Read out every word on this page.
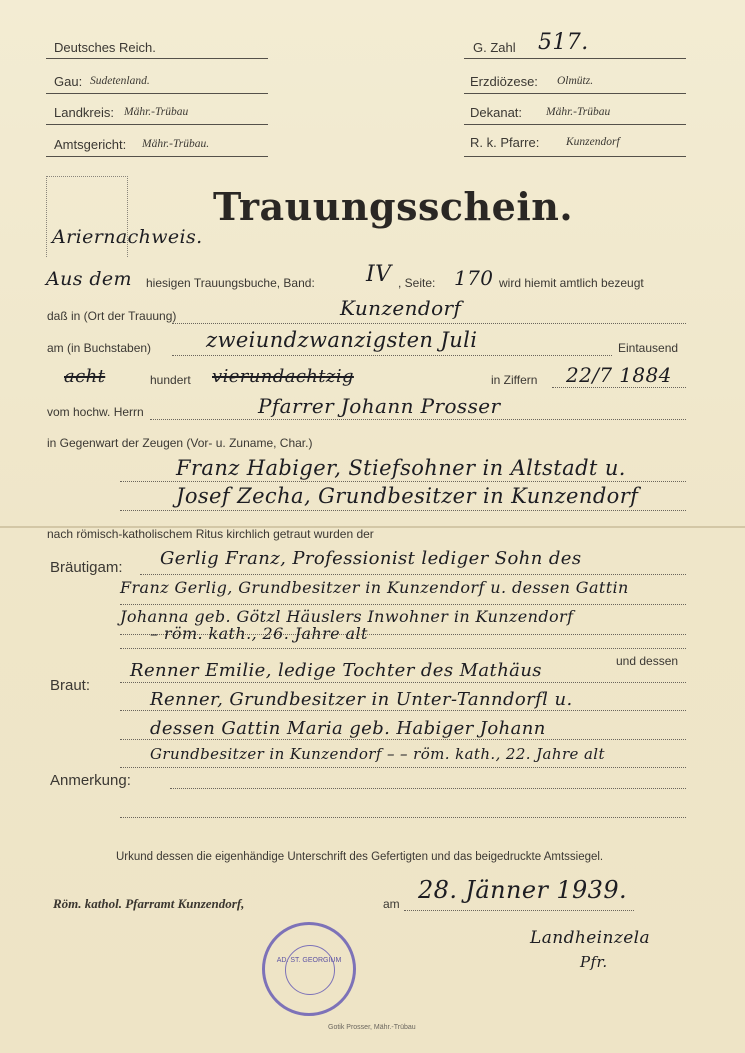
Deutsches Reich.
Gau: Sudetenland.
Landkreis: Mähr.-Trübau
Amtsgericht: Mähr.-Trübau.
G. Zahl 517.
Erzdiözese: Olmütz.
Dekanat: Mähr.-Trübau
R. k. Pfarre: Kunzendorf
Trauungsschein.
Ariernachweis.
Aus dem hiesigen Trauungsbuche, Band: IV , Seite: 170 wird hiemit amtlich bezeugt
daß in (Ort der Trauung)	Kunzendorf
am (in Buchstaben)	zweiundzwanzigsten Juli	Eintausend
acht	hundert vierundachtzig	in Ziffern 22/7 1884
vom hochw. Herrn	Pfarrer Johann Prosser
in Gegenwart der Zeugen (Vor- u. Zuname, Char.)
Franz Habiger, Stiefsohner in Altstadt u.
Josef Zecha, Grundbesitzer in Kunzendorf
nach römisch-katholischem Ritus kirchlich getraut wurden der
Bräutigam: Gerlig Franz, Professionist lediger Sohn des
Franz Gerlig, Grundbesitzer in Kunzendorf u. dessen Gattin
Johanna geb. Götzl Häuslers Inwohner in Kunzendorf
– röm. kath., 26. Jahre alt
und dessen
Braut:
Renner Emilie, ledige Tochter des Mathäus
Renner, Grundbesitzer in Unter-Tanndorfl u.
dessen Gattin Maria geb. Habiger Johann
Grundbesitzer in Kunzendorf – – röm. kath., 22. Jahre alt
Anmerkung:
Urkund dessen die eigenhändige Unterschrift des Gefertigten und das beigedruckte Amtssiegel.
Röm. kathol. Pfarramt Kunzendorf,	am 28. Jänner 1939.
Landheinzela
Pfr.
AD. ST. GEORGIUM
Gotik Prosser, Mähr.-Trübau
